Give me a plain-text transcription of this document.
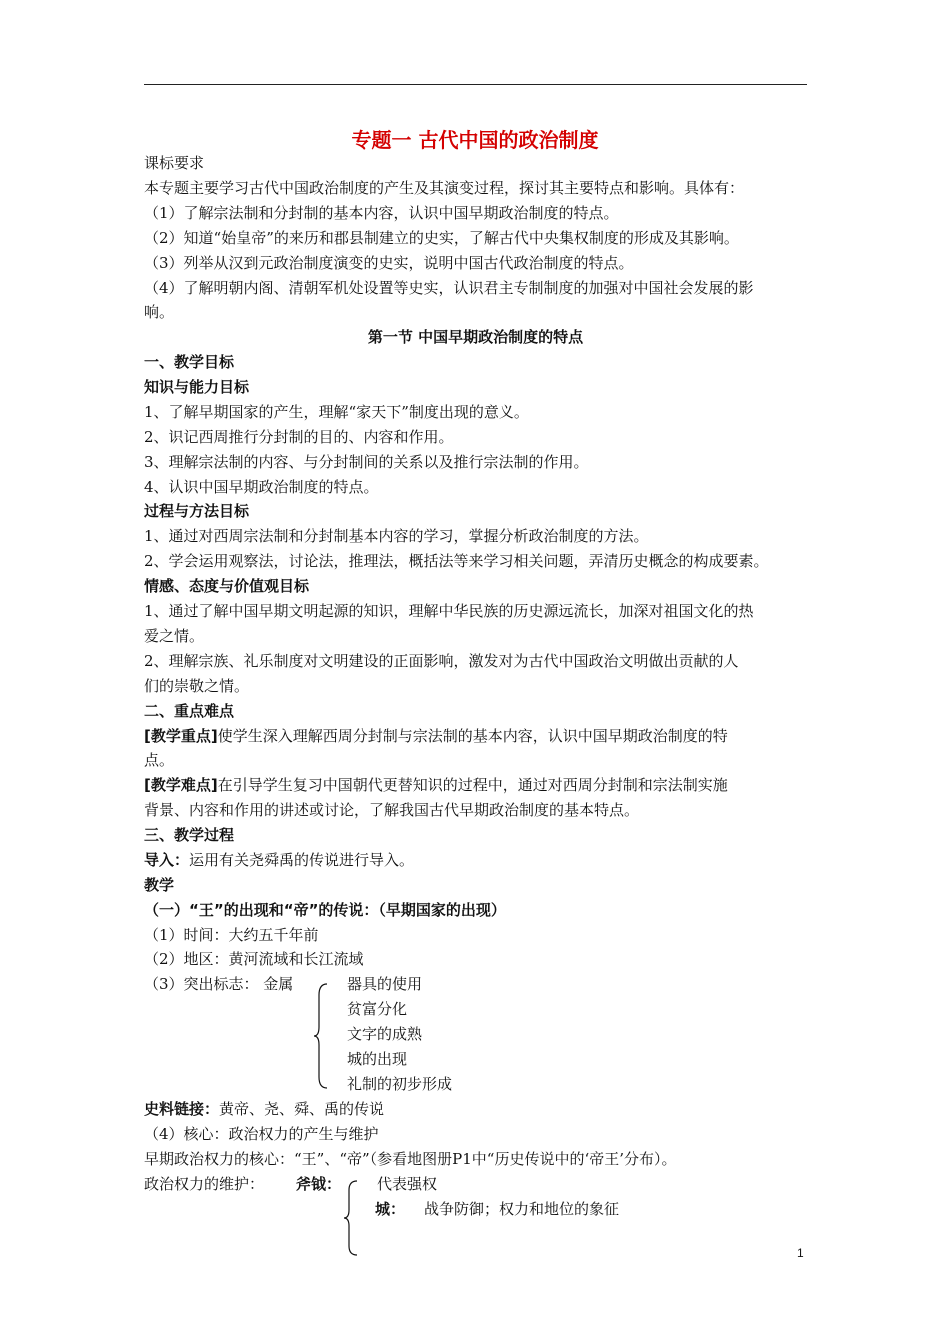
专题一 古代中国的政治制度
课标要求
本专题主要学习古代中国政治制度的产生及其演变过程，探讨其主要特点和影响。具体有：
（1）了解宗法制和分封制的基本内容，认识中国早期政治制度的特点。
（2）知道“始皇帝”的来历和郡县制建立的史实，了解古代中央集权制度的形成及其影响。
（3）列举从汉到元政治制度演变的史实，说明中国古代政治制度的特点。
（4）了解明朝内阁、清朝军机处设置等史实，认识君主专制制度的加强对中国社会发展的影
响。
第一节 中国早期政治制度的特点
一、教学目标
知识与能力目标
1、了解早期国家的产生，理解“家天下”制度出现的意义。
2、识记西周推行分封制的目的、内容和作用。
3、理解宗法制的内容、与分封制间的关系以及推行宗法制的作用。
4、认识中国早期政治制度的特点。
过程与方法目标
1、通过对西周宗法制和分封制基本内容的学习，掌握分析政治制度的方法。
2、学会运用观察法，讨论法，推理法，概括法等来学习相关问题，弄清历史概念的构成要素。
情感、态度与价值观目标
1、通过了解中国早期文明起源的知识，理解中华民族的历史源远流长，加深对祖国文化的热
爱之情。
2、理解宗族、礼乐制度对文明建设的正面影响，激发对为古代中国政治文明做出贡献的人
们的崇敬之情。
二、重点难点
[教学重点]使学生深入理解西周分封制与宗法制的基本内容，认识中国早期政治制度的特
点。
[教学难点]在引导学生复习中国朝代更替知识的过程中，通过对西周分封制和宗法制实施
背景、内容和作用的讲述或讨论，了解我国古代早期政治制度的基本特点。
三、教学过程
导入：运用有关尧舜禹的传说进行导入。
教学
（一）“王”的出现和“帝”的传说：（早期国家的出现）
（1）时间：大约五千年前
（2）地区：黄河流域和长江流域
（3）突出标志： 金属	器具的使用
贫富分化
文字的成熟
城的出现
礼制的初步形成
史料链接：黄帝、尧、舜、禹的传说
（4）核心：政治权力的产生与维护
早期政治权力的核心：“王”、“帝”（参看地图册P1中“历史传说中的‘帝王’分布）。
政治权力的维护： 斧钺： 代表强权
城： 战争防御；权力和地位的象征
1
